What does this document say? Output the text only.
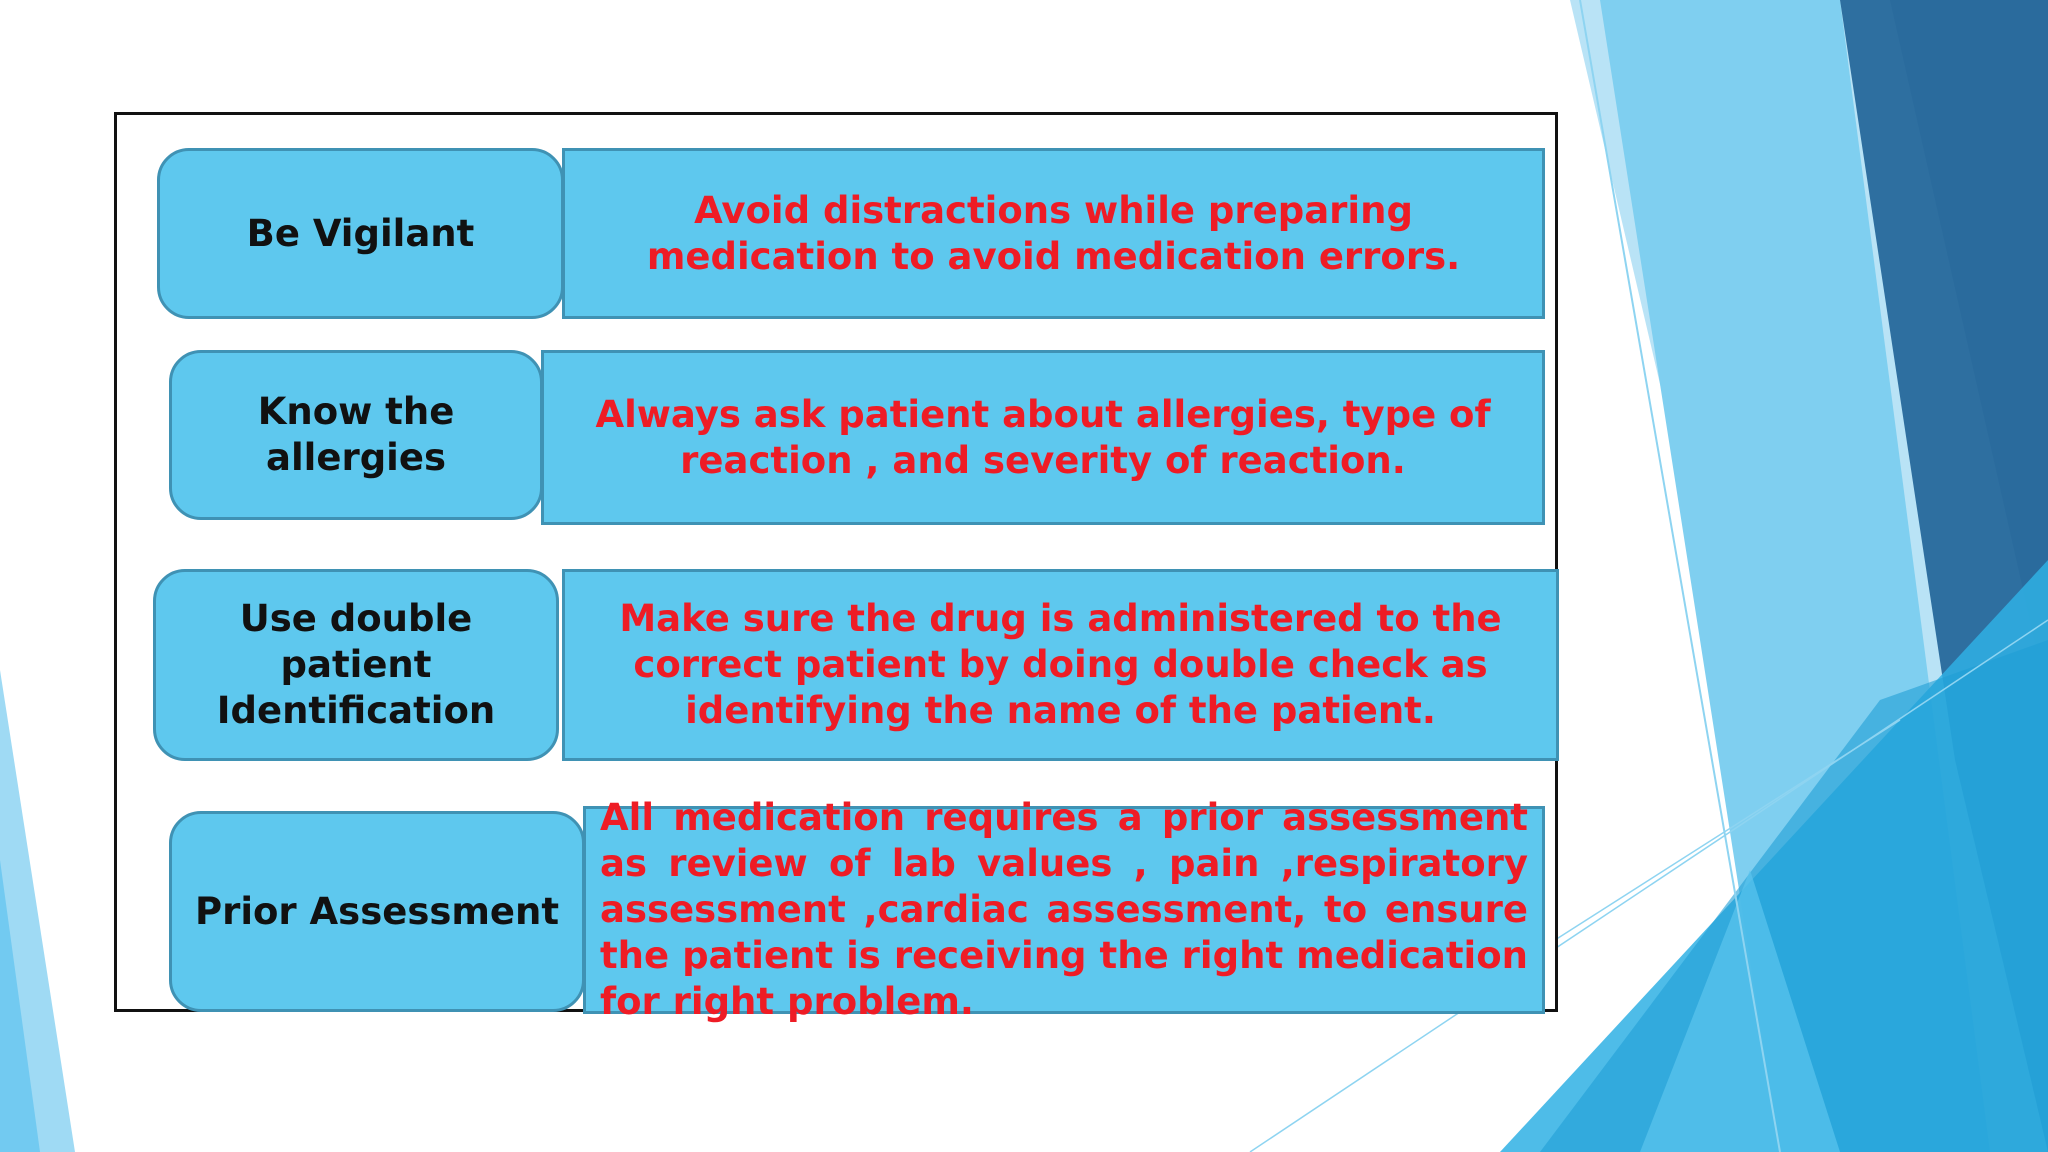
Be Vigilant
Avoid distractions while preparing medication to avoid medication errors.
Know the allergies
Always ask patient about allergies, type of reaction , and severity of reaction.
Use double patient Identification
Make sure the drug is administered to the correct patient by doing double check as identifying the name of the patient.
Prior Assessment
All medication requires a prior assessment as review of lab values , pain ,respiratory assessment ,cardiac assessment, to ensure the patient is receiving the right medication for right problem.
